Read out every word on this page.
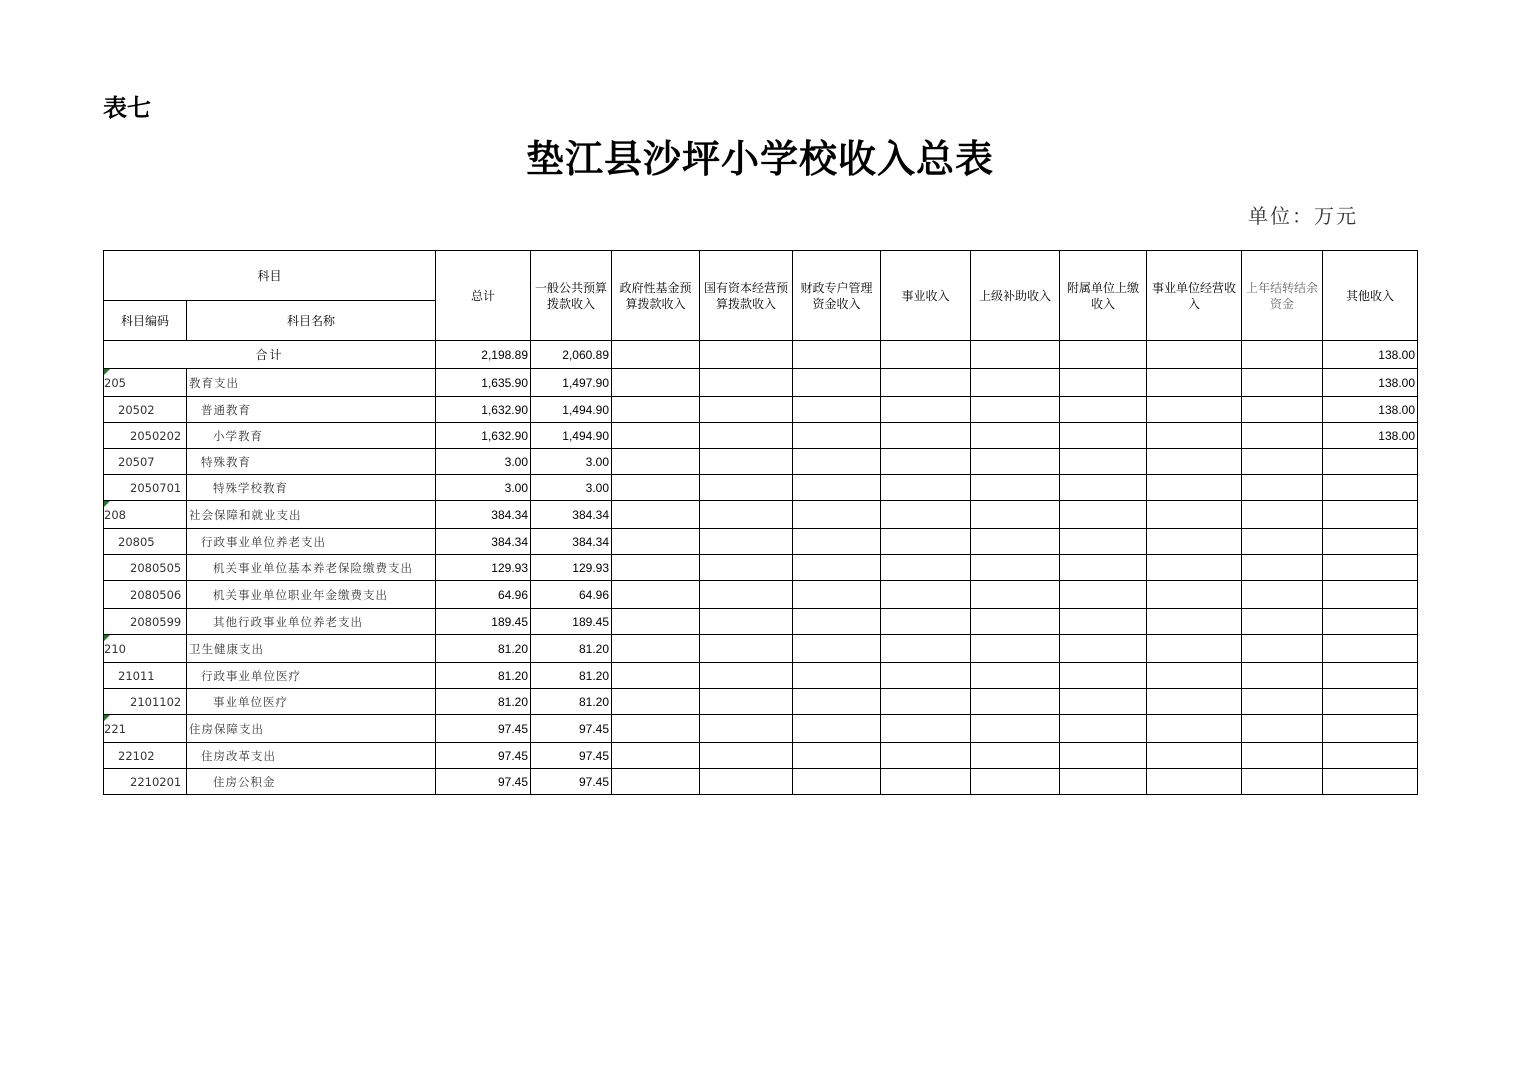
表七
垫江县沙坪小学校收入总表
单位：万元
科目		总计	一般公共预算拨款收入	政府性基金预算拨款收入	国有资本经营预算拨款收入	财政专户管理资金收入	事业收入	上级补助收入	附属单位上缴收入	事业单位经营收入	上年结转结余资金	其他收入
科目编码	科目名称											
合计		2,198.89	2,060.89									138.00

205	教育支出	1,635.90	1,497.90									138.00
20502	普通教育	1,632.90	1,494.90									138.00
2050202	小学教育	1,632.90	1,494.90									138.00
20507	特殊教育	3.00	3.00									
2050701	特殊学校教育	3.00	3.00									

208	社会保障和就业支出	384.34	384.34									
20805	行政事业单位养老支出	384.34	384.34									
2080505	机关事业单位基本养老保险缴费支出	129.93	129.93									
2080506	机关事业单位职业年金缴费支出	64.96	64.96									
2080599	其他行政事业单位养老支出	189.45	189.45									

210	卫生健康支出	81.20	81.20									
21011	行政事业单位医疗	81.20	81.20									
2101102	事业单位医疗	81.20	81.20									

221	住房保障支出	97.45	97.45									
22102	住房改革支出	97.45	97.45									
2210201	住房公积金	97.45	97.45									
